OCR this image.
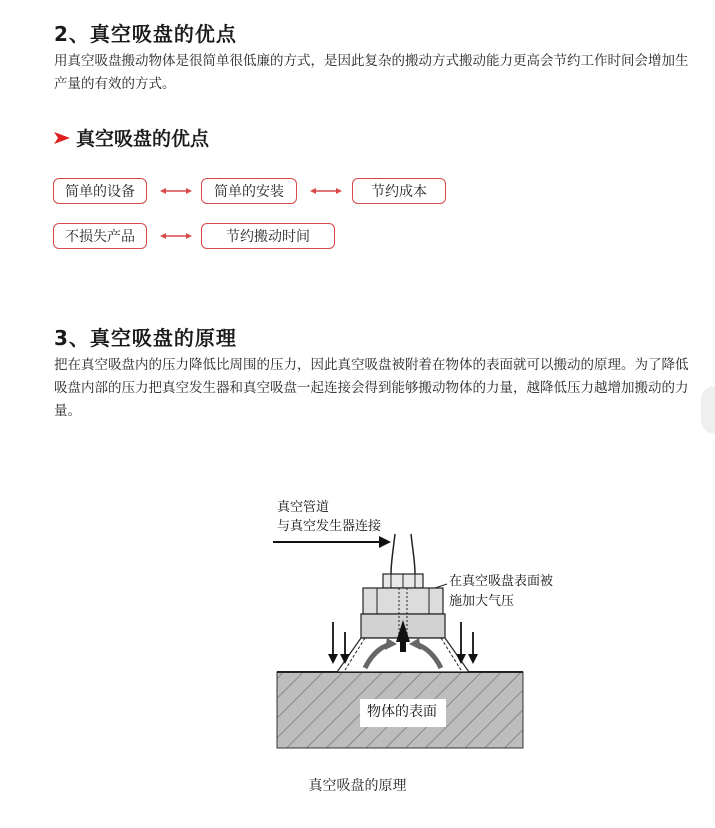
2、真空吸盘的优点

用真空吸盘搬动物体是很简单很低廉的方式，是因此复杂的搬动方式搬动能力更高会节约工作时间会增加生产量的有效的方式。

真空吸盘的优点
简单的设备	简单的安装	节约成本
不损失产品	节约搬动时间
3、真空吸盘的原理

把在真空吸盘内的压力降低比周围的压力，因此真空吸盘被附着在物体的表面就可以搬动的原理。为了降低吸盘内部的压力把真空发生器和真空吸盘一起连接会得到能够搬动物体的力量，越降低压力越增加搬动的力量。

真空管道
与真空发生器连接
在真空吸盘表面被
施加大气压
物体的表面
真空吸盘的原理
